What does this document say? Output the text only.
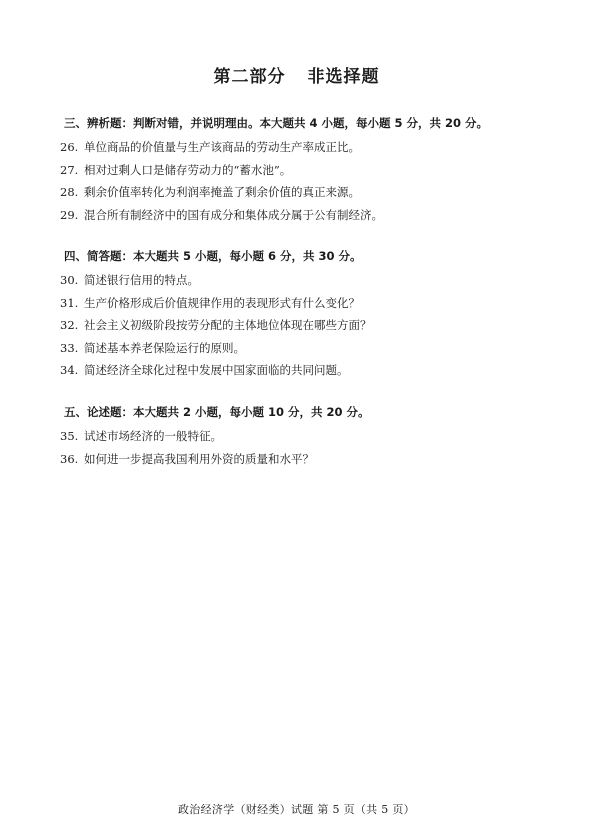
第二部分 非选择题
三、辨析题：判断对错，并说明理由。本大题共 4 小题，每小题 5 分，共 20 分。
26. 单位商品的价值量与生产该商品的劳动生产率成正比。
27. 相对过剩人口是储存劳动力的“蓄水池”。
28. 剩余价值率转化为利润率掩盖了剩余价值的真正来源。
29. 混合所有制经济中的国有成分和集体成分属于公有制经济。
四、简答题：本大题共 5 小题，每小题 6 分，共 30 分。
30. 简述银行信用的特点。
31. 生产价格形成后价值规律作用的表现形式有什么变化？
32. 社会主义初级阶段按劳分配的主体地位体现在哪些方面？
33. 简述基本养老保险运行的原则。
34. 简述经济全球化过程中发展中国家面临的共同问题。
五、论述题：本大题共 2 小题，每小题 10 分，共 20 分。
35. 试述市场经济的一般特征。
36. 如何进一步提高我国利用外资的质量和水平？
政治经济学（财经类）试题 第 5 页（共 5 页）
